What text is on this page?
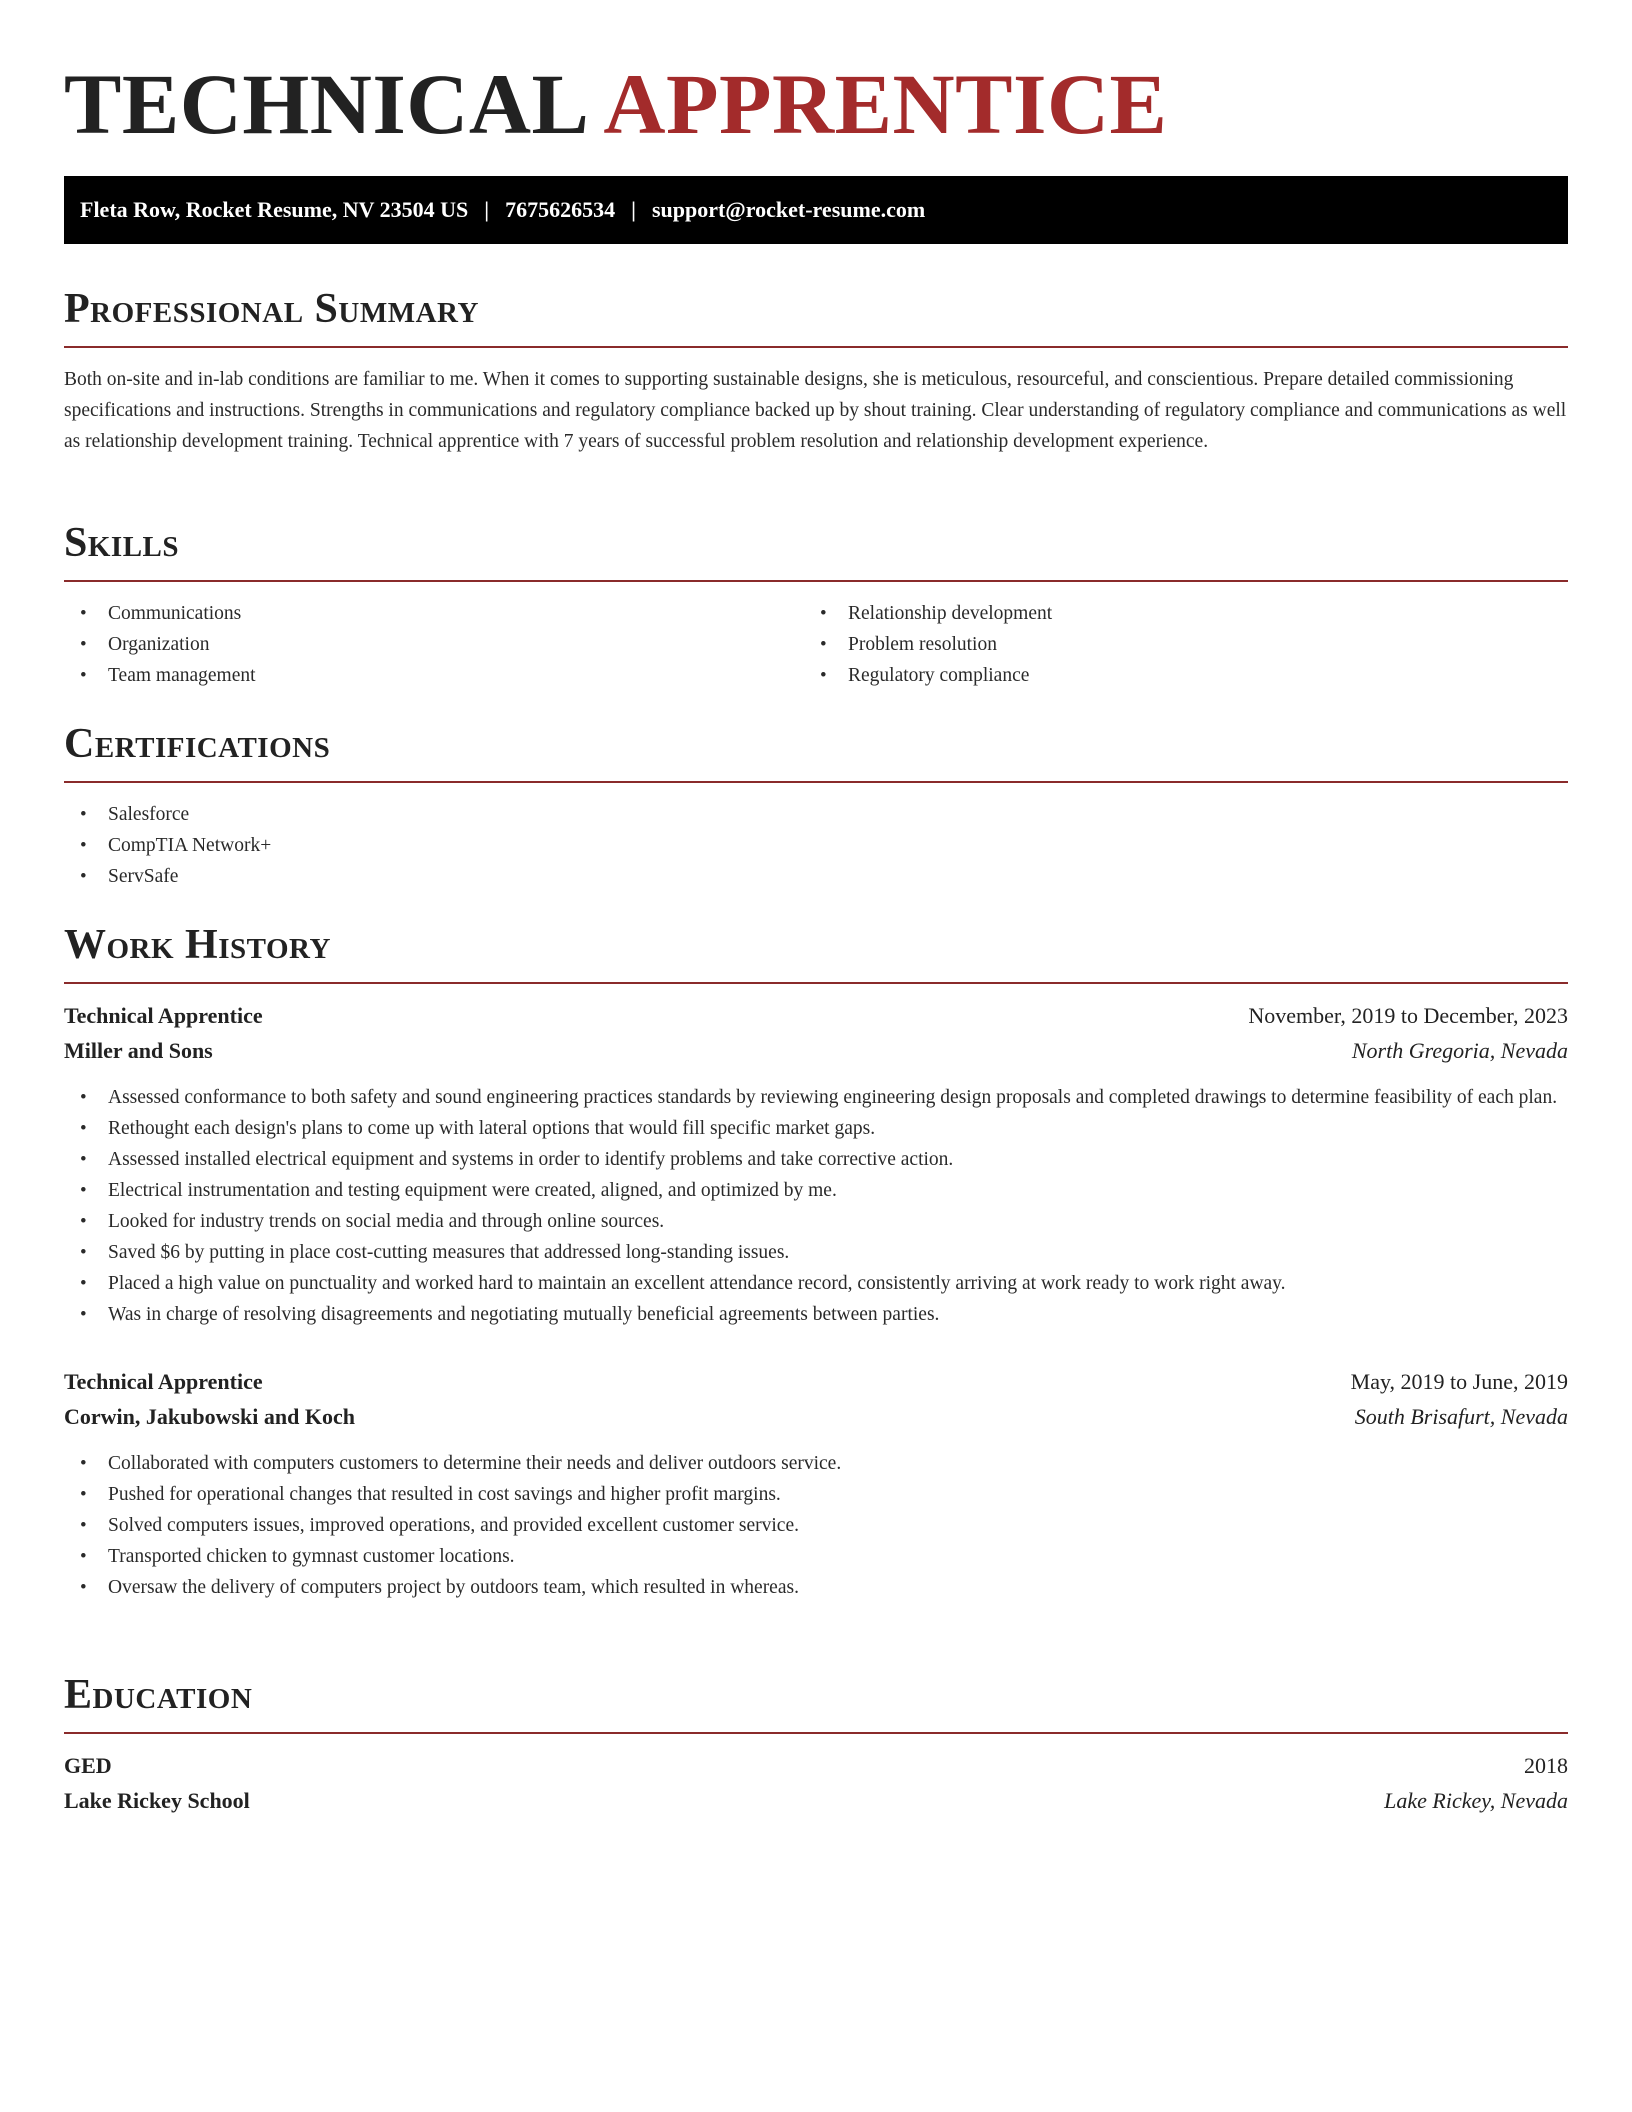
TECHNICAL APPRENTICE
Fleta Row, Rocket Resume, NV 23504 US | 7675626534 | support@rocket-resume.com
Professional Summary

Both on-site and in-lab conditions are familiar to me. When it comes to supporting sustainable designs, she is meticulous, resourceful, and conscientious. Prepare detailed commissioning specifications and instructions. Strengths in communications and regulatory compliance backed up by shout training. Clear understanding of regulatory compliance and communications as well as relationship development training. Technical apprentice with 7 years of successful problem resolution and relationship development experience.

Skills
• Communications
• Organization
• Team management
• Relationship development
• Problem resolution
• Regulatory compliance
Certifications
• Salesforce
• CompTIA Network+
• ServSafe
Work History
Technical Apprentice	November, 2019 to December, 2023
Miller and Sons	North Gregoria, Nevada
• Assessed conformance to both safety and sound engineering practices standards by reviewing engineering design proposals and completed drawings to determine feasibility of each plan.
• Rethought each design's plans to come up with lateral options that would fill specific market gaps.
• Assessed installed electrical equipment and systems in order to identify problems and take corrective action.
• Electrical instrumentation and testing equipment were created, aligned, and optimized by me.
• Looked for industry trends on social media and through online sources.
• Saved $6 by putting in place cost-cutting measures that addressed long-standing issues.
• Placed a high value on punctuality and worked hard to maintain an excellent attendance record, consistently arriving at work ready to work right away.
• Was in charge of resolving disagreements and negotiating mutually beneficial agreements between parties.
Technical Apprentice	May, 2019 to June, 2019
Corwin, Jakubowski and Koch	South Brisafurt, Nevada
• Collaborated with computers customers to determine their needs and deliver outdoors service.
• Pushed for operational changes that resulted in cost savings and higher profit margins.
• Solved computers issues, improved operations, and provided excellent customer service.
• Transported chicken to gymnast customer locations.
• Oversaw the delivery of computers project by outdoors team, which resulted in whereas.
Education
GED	2018
Lake Rickey School	Lake Rickey, Nevada
